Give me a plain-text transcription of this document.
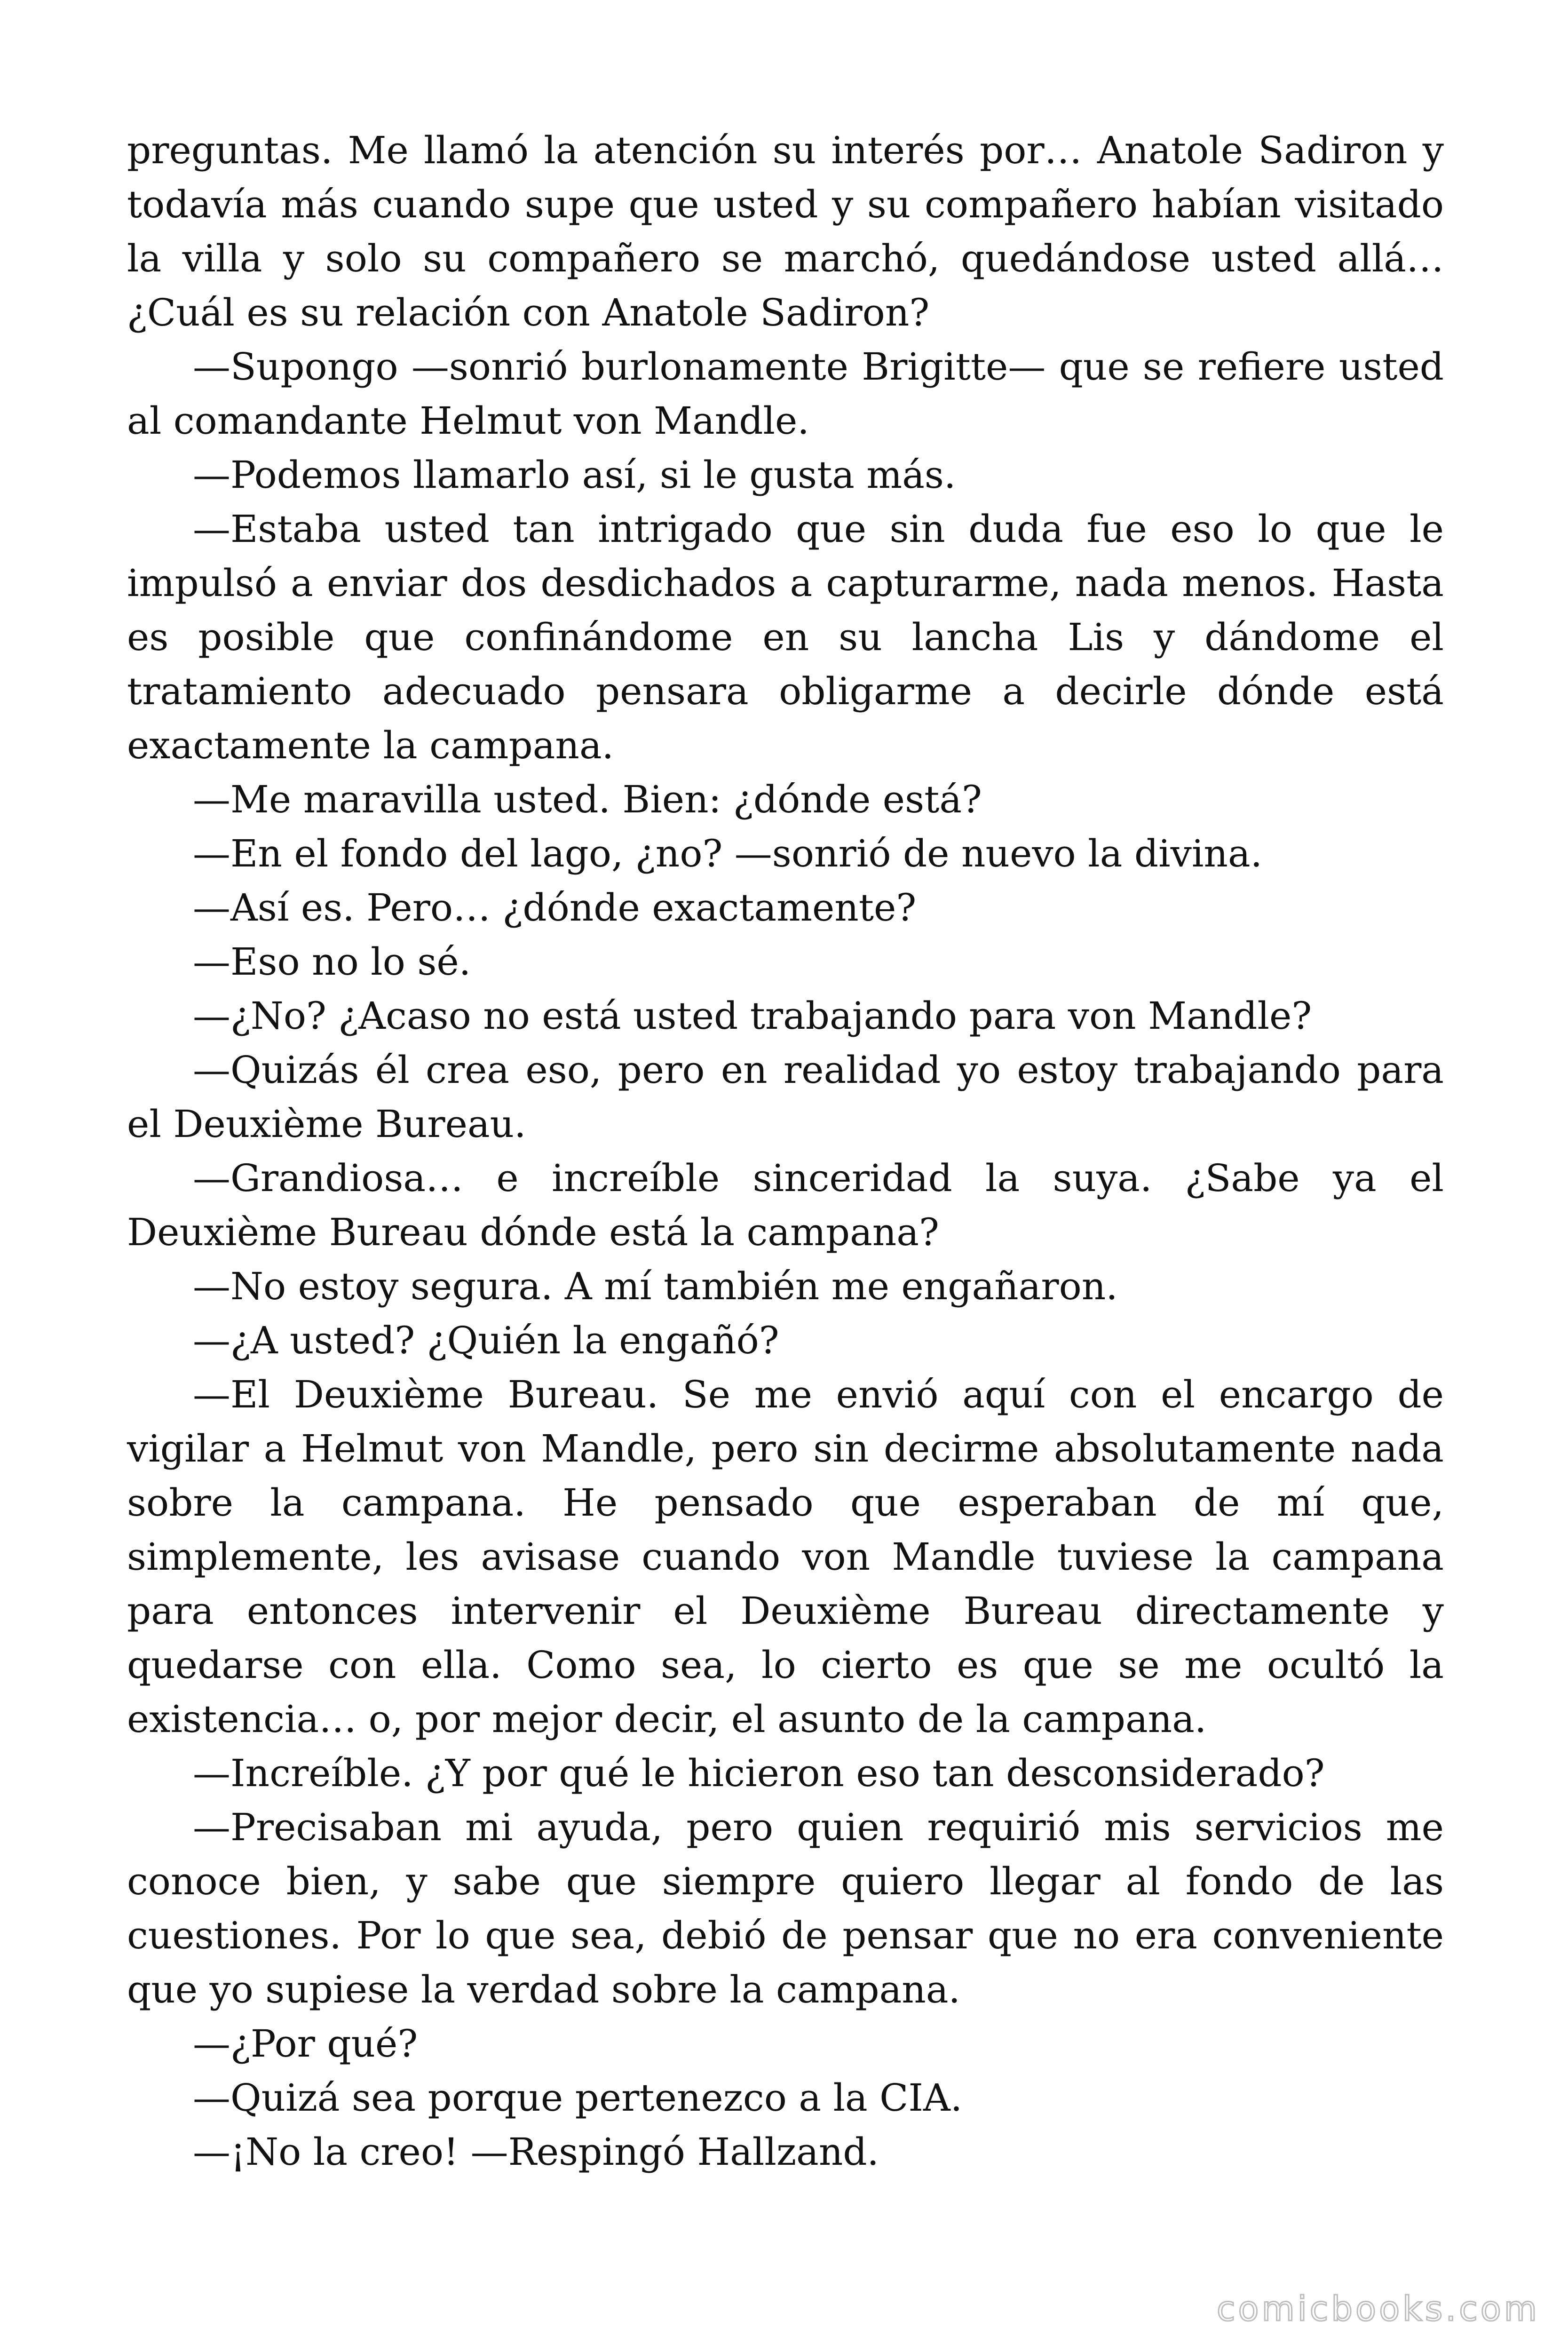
preguntas. Me llamó la atención su interés por… Anatole Sadiron y todavía más cuando supe que usted y su compañero habían visitado la villa y solo su compañero se marchó, quedándose usted allá… ¿Cuál es su relación con Anatole Sadiron?

—Supongo —sonrió burlonamente Brigitte— que se refiere usted al comandante Helmut von Mandle.

—Podemos llamarlo así, si le gusta más.

—Estaba usted tan intrigado que sin duda fue eso lo que le impulsó a enviar dos desdichados a capturarme, nada menos. Hasta es posible que confinándome en su lancha Lis y dándome el tratamiento adecuado pensara obligarme a decirle dónde está exactamente la campana.

—Me maravilla usted. Bien: ¿dónde está?

—En el fondo del lago, ¿no? —sonrió de nuevo la divina.

—Así es. Pero… ¿dónde exactamente?

—Eso no lo sé.

—¿No? ¿Acaso no está usted trabajando para von Mandle?

—Quizás él crea eso, pero en realidad yo estoy trabajando para el Deuxième Bureau.

—Grandiosa… e increíble sinceridad la suya. ¿Sabe ya el Deuxième Bureau dónde está la campana?

—No estoy segura. A mí también me engañaron.

—¿A usted? ¿Quién la engañó?

—El Deuxième Bureau. Se me envió aquí con el encargo de vigilar a Helmut von Mandle, pero sin decirme absolutamente nada sobre la campana. He pensado que esperaban de mí que, simplemente, les avisase cuando von Mandle tuviese la campana para entonces intervenir el Deuxième Bureau directamente y quedarse con ella. Como sea, lo cierto es que se me ocultó la existencia… o, por mejor decir, el asunto de la campana.

—Increíble. ¿Y por qué le hicieron eso tan desconsiderado?

—Precisaban mi ayuda, pero quien requirió mis servicios me conoce bien, y sabe que siempre quiero llegar al fondo de las cuestiones. Por lo que sea, debió de pensar que no era conveniente que yo supiese la verdad sobre la campana.

—¿Por qué?

—Quizá sea porque pertenezco a la CIA.

—¡No la creo! —Respingó Hallzand.

comicbooks.com
